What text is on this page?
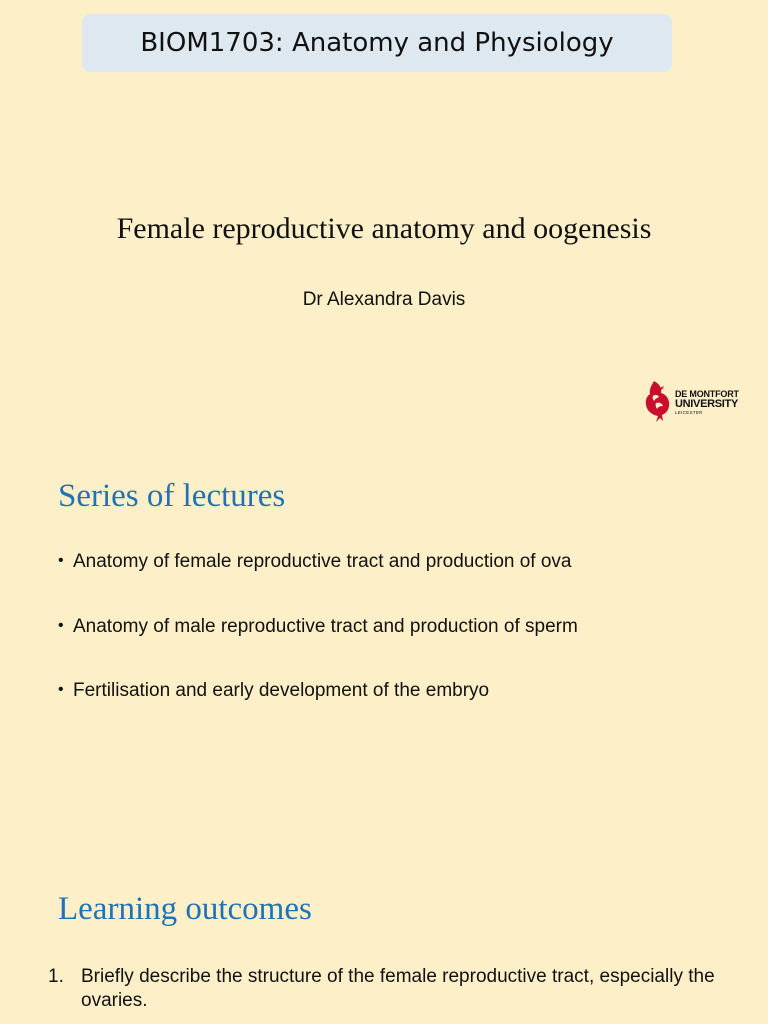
BIOM1703: Anatomy and Physiology
Female reproductive anatomy and oogenesis
Dr Alexandra Davis
DE MONTFORT
UNIVERSITY
LEICESTER
Series of lectures
• Anatomy of female reproductive tract and production of ova
• Anatomy of male reproductive tract and production of sperm
• Fertilisation and early development of the embryo
Learning outcomes
1. Briefly describe the structure of the female reproductive tract, especially the ovaries.
